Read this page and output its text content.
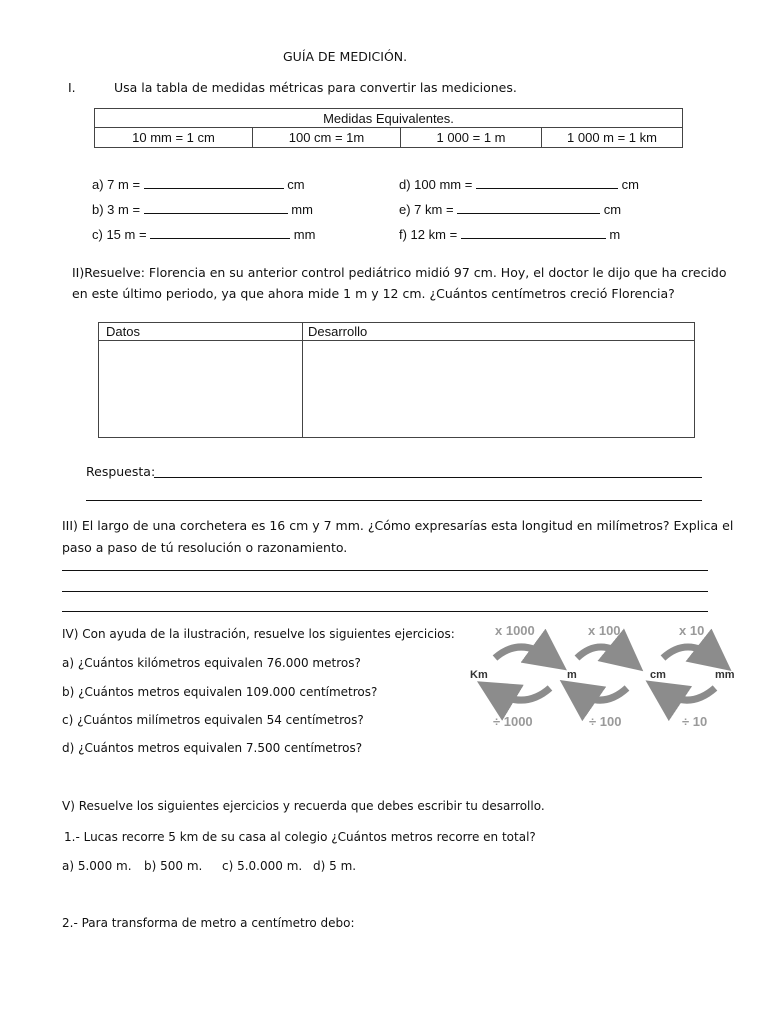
GUÍA DE MEDICIÓN.
I.	Usa la tabla de medidas métricas para convertir las mediciones.
Medidas Equivalentes.
10 mm = 1 cm	100 cm = 1m	1 000 = 1 m	1 000 m = 1 km
a) 7 m =	cm
b) 3 m =	mm
c) 15 m =	mm
d) 100 mm =	cm
e) 7 km =	cm
f) 12 km =	m
II)Resuelve: Florencia en su anterior control pediátrico midió 97 cm. Hoy, el doctor le dijo que ha crecido
en este último periodo, ya que ahora mide 1 m y 12 cm. ¿Cuántos centímetros creció Florencia?
Datos	Desarrollo
Respuesta:
III) El largo de una corchetera es 16 cm y 7 mm. ¿Cómo expresarías esta longitud en milímetros? Explica el
paso a paso de tú resolución o razonamiento.
IV) Con ayuda de la ilustración, resuelve los siguientes ejercicios:
a) ¿Cuántos kilómetros equivalen 76.000 metros?
b) ¿Cuántos metros equivalen 109.000 centímetros?
c) ¿Cuántos milímetros equivalen 54 centímetros?
d) ¿Cuántos metros equivalen 7.500 centímetros?
x 1000	x 100	x 10
Km	m	cm	mm
÷ 1000	÷ 100	÷ 10
V) Resuelve los siguientes ejercicios y recuerda que debes escribir tu desarrollo.
1.- Lucas recorre 5 km de su casa al colegio ¿Cuántos metros recorre en total?
a) 5.000 m. b) 500 m. c) 5.0.000 m. d) 5 m.
2.- Para transforma de metro a centímetro debo:
